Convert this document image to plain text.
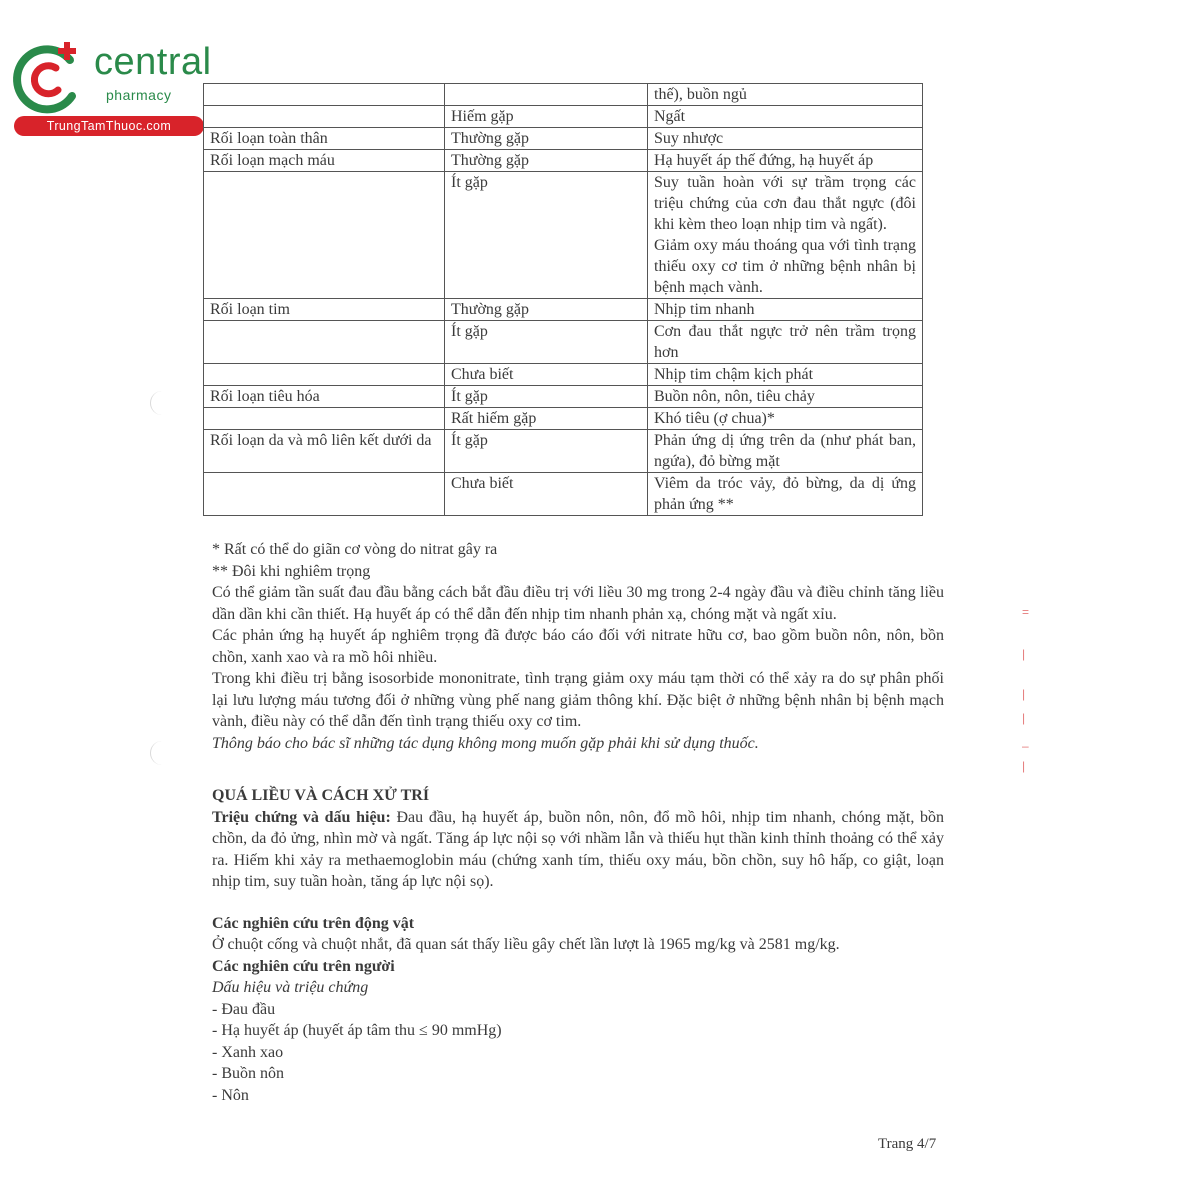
central
pharmacy
TrungTamThuoc.com
		thế), buồn ngủ
	Hiếm gặp	Ngất
Rối loạn toàn thân	Thường gặp	Suy nhược
Rối loạn mạch máu	Thường gặp	Hạ huyết áp thế đứng, hạ huyết áp
	Ít gặp	Suy tuần hoàn với sự trầm trọng các triệu chứng của cơn đau thắt ngực (đôi khi kèm theo loạn nhịp tim và ngất).
Giảm oxy máu thoáng qua với tình trạng thiếu oxy cơ tim ở những bệnh nhân bị bệnh mạch vành.

Rối loạn tim	Thường gặp	Nhịp tim nhanh
	Ít gặp	Cơn đau thắt ngực trở nên trầm trọng hơn
	Chưa biết	Nhịp tim chậm kịch phát
Rối loạn tiêu hóa	Ít gặp	Buồn nôn, nôn, tiêu chảy
	Rất hiếm gặp	Khó tiêu (ợ chua)*
Rối loạn da và mô liên kết dưới da	Ít gặp	Phản ứng dị ứng trên da (như phát ban, ngứa), đỏ bừng mặt
	Chưa biết	Viêm da tróc vảy, đỏ bừng, da dị ứng phản ứng **

* Rất có thể do giãn cơ vòng do nitrat gây ra

** Đôi khi nghiêm trọng

Có thể giảm tần suất đau đầu bằng cách bắt đầu điều trị với liều 30 mg trong 2-4 ngày đầu và điều chỉnh tăng liều dần dần khi cần thiết. Hạ huyết áp có thể dẫn đến nhịp tim nhanh phản xạ, chóng mặt và ngất xỉu.

Các phản ứng hạ huyết áp nghiêm trọng đã được báo cáo đối với nitrate hữu cơ, bao gồm buồn nôn, nôn, bồn chồn, xanh xao và ra mồ hôi nhiều.

Trong khi điều trị bằng isosorbide mononitrate, tình trạng giảm oxy máu tạm thời có thể xảy ra do sự phân phối lại lưu lượng máu tương đối ở những vùng phế nang giảm thông khí. Đặc biệt ở những bệnh nhân bị bệnh mạch vành, điều này có thể dẫn đến tình trạng thiếu oxy cơ tim.

Thông báo cho bác sĩ những tác dụng không mong muốn gặp phải khi sử dụng thuốc.

QUÁ LIỀU VÀ CÁCH XỬ TRÍ

Triệu chứng và dấu hiệu: Đau đầu, hạ huyết áp, buồn nôn, nôn, đổ mồ hôi, nhịp tim nhanh, chóng mặt, bồn chồn, da đỏ ửng, nhìn mờ và ngất. Tăng áp lực nội sọ với nhầm lẫn và thiếu hụt thần kinh thỉnh thoảng có thể xảy ra. Hiếm khi xảy ra methaemoglobin máu (chứng xanh tím, thiếu oxy máu, bồn chồn, suy hô hấp, co giật, loạn nhịp tim, suy tuần hoàn, tăng áp lực nội sọ).

Các nghiên cứu trên động vật

Ở chuột cống và chuột nhắt, đã quan sát thấy liều gây chết lần lượt là 1965 mg/kg và 2581 mg/kg.

Các nghiên cứu trên người

Dấu hiệu và triệu chứng

- Đau đầu

- Hạ huyết áp (huyết áp tâm thu ≤ 90 mmHg)

- Xanh xao

- Buồn nôn

- Nôn

Trang 4/7
=
|
|
|
–
|
